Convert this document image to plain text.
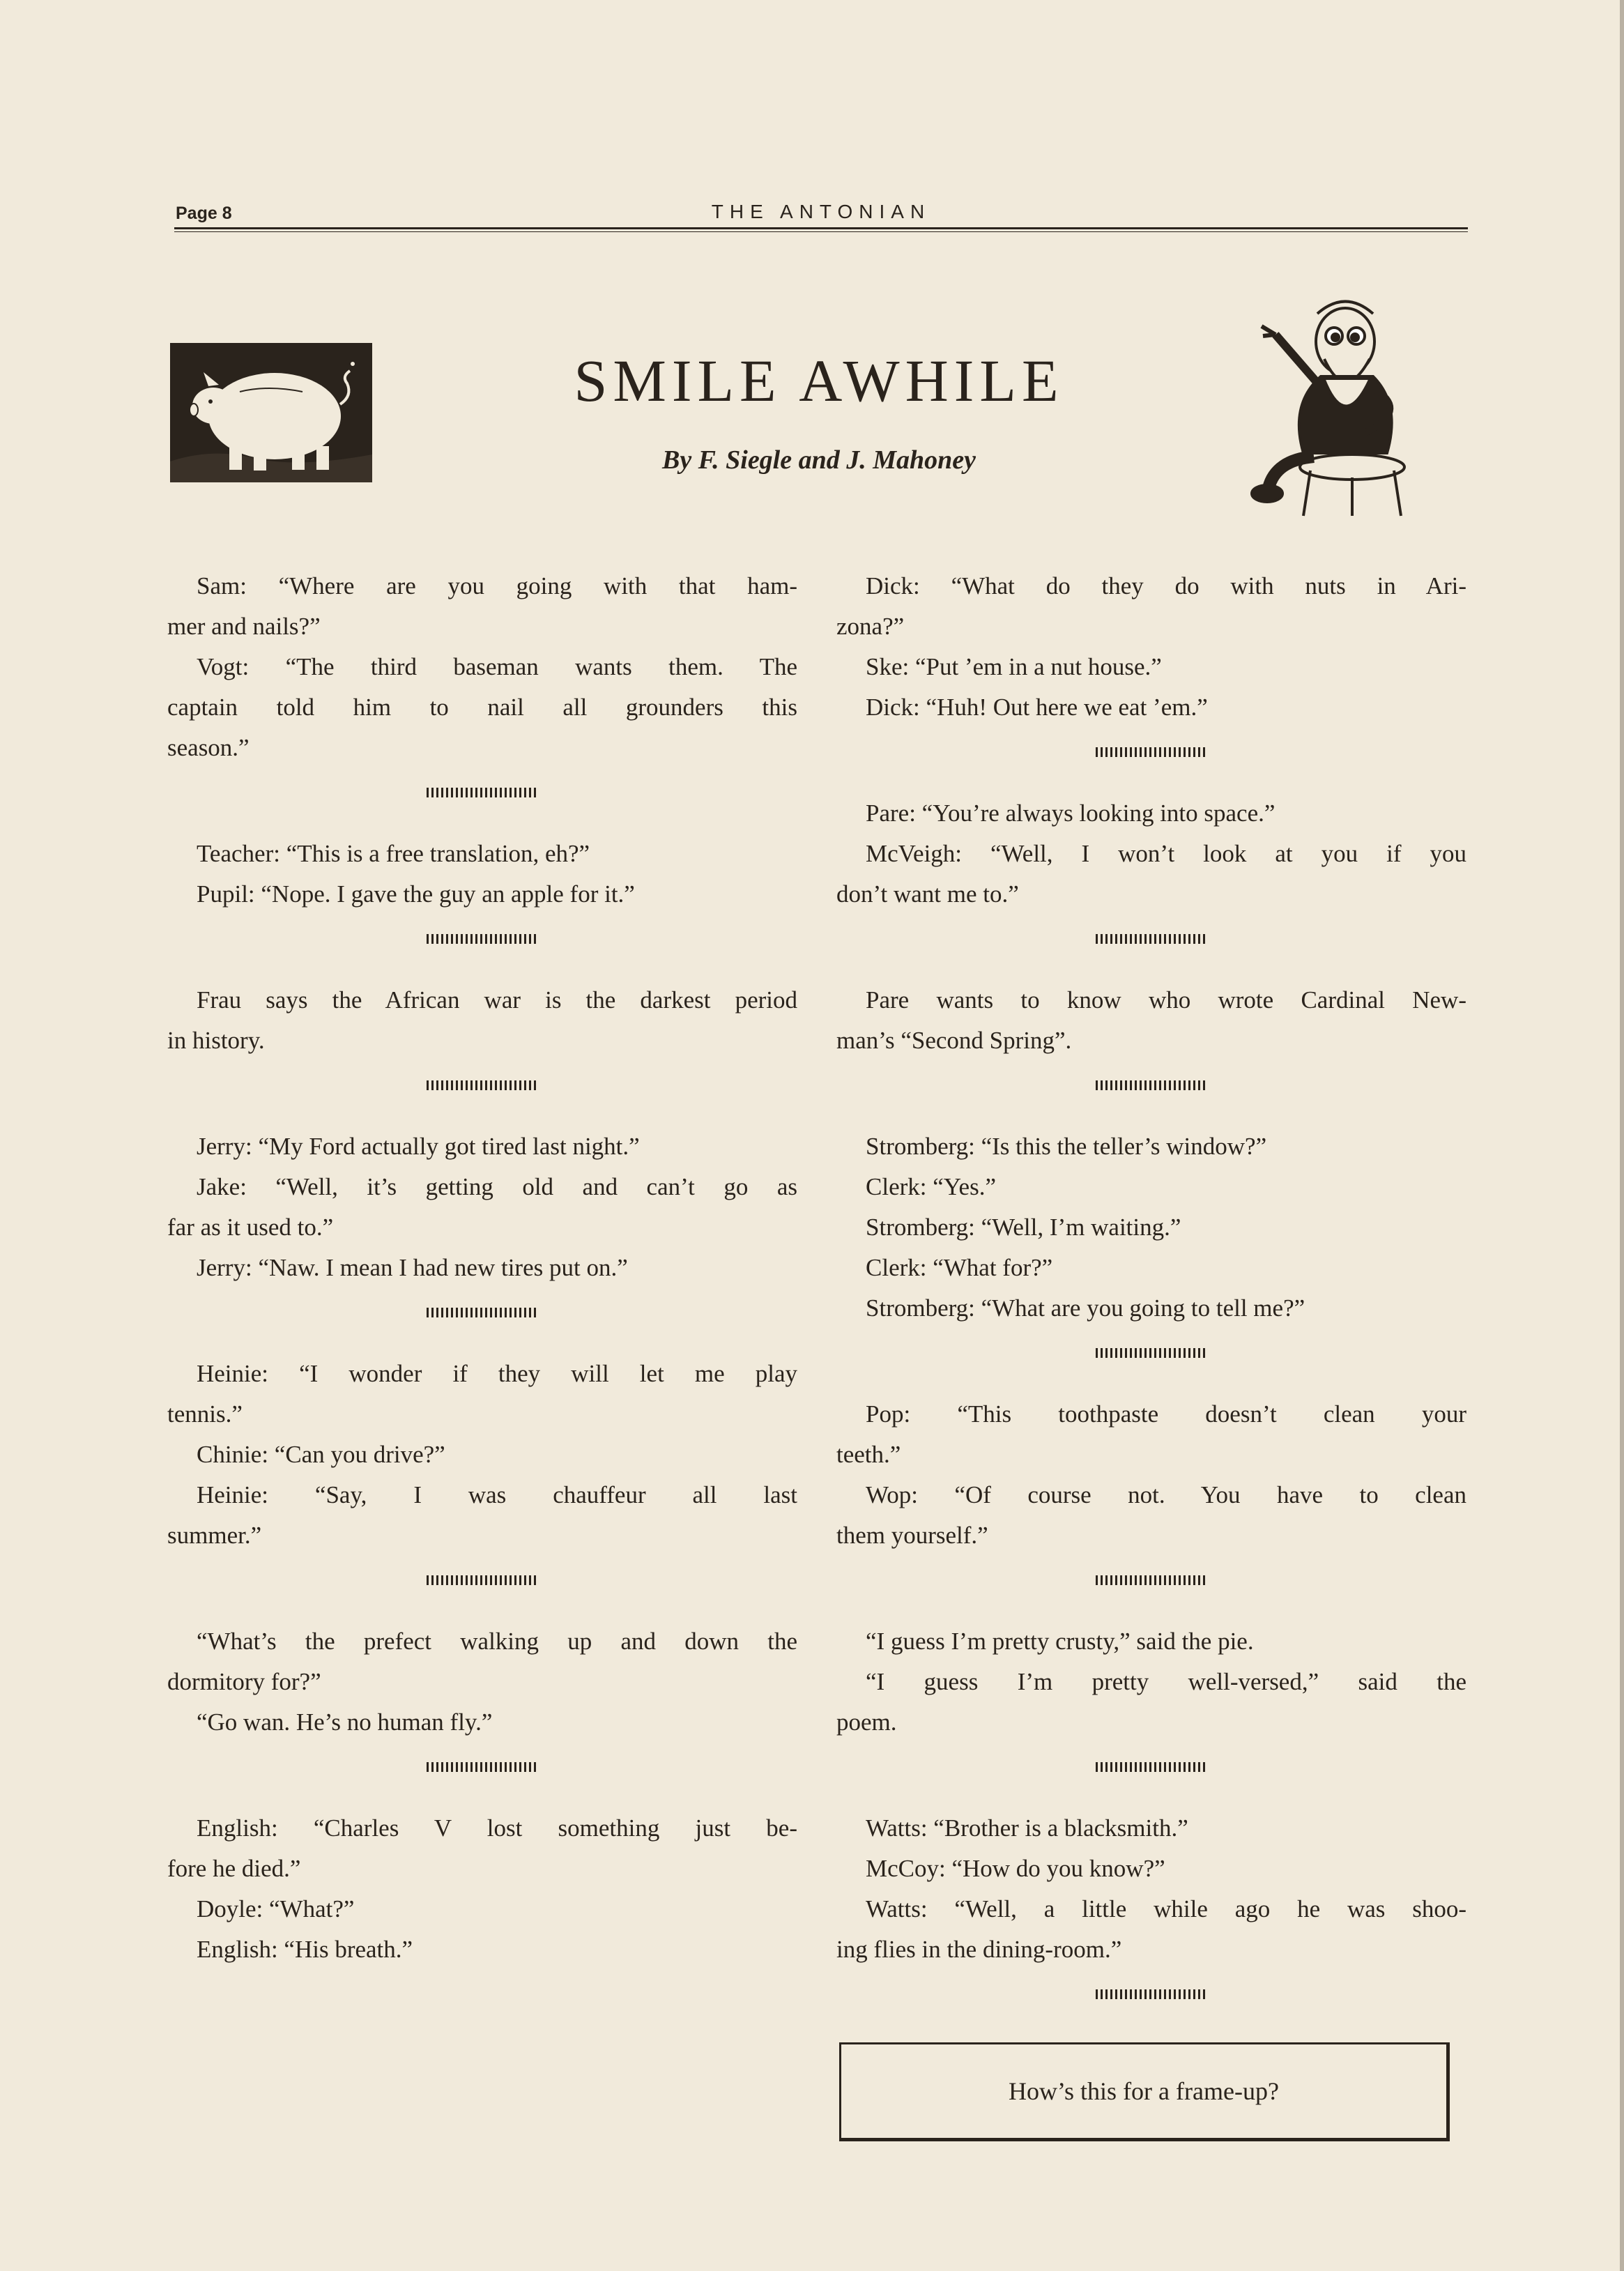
Page 8	THE ANTONIAN
SMILE AWHILE
By F. Siegle and J. Mahoney
Sam: “Where are you going with that ham-
mer and nails?”
Vogt: “The third baseman wants them. The
captain told him to nail all grounders this
season.”
Teacher: “This is a free translation, eh?”
Pupil: “Nope. I gave the guy an apple for it.”
Frau says the African war is the darkest period
in history.
Jerry: “My Ford actually got tired last night.”
Jake: “Well, it’s getting old and can’t go as
far as it used to.”
Jerry: “Naw. I mean I had new tires put on.”
Heinie: “I wonder if they will let me play
tennis.”
Chinie: “Can you drive?”
Heinie: “Say, I was chauffeur all last
summer.”
“What’s the prefect walking up and down the
dormitory for?”
“Go wan. He’s no human fly.”
English: “Charles V lost something just be-
fore he died.”
Doyle: “What?”
English: “His breath.”
Dick: “What do they do with nuts in Ari-
zona?”
Ske: “Put ’em in a nut house.”
Dick: “Huh! Out here we eat ’em.”
Pare: “You’re always looking into space.”
McVeigh: “Well, I won’t look at you if you
don’t want me to.”
Pare wants to know who wrote Cardinal New-
man’s “Second Spring”.
Stromberg: “Is this the teller’s window?”
Clerk: “Yes.”
Stromberg: “Well, I’m waiting.”
Clerk: “What for?”
Stromberg: “What are you going to tell me?”
Pop: “This toothpaste doesn’t clean your
teeth.”
Wop: “Of course not. You have to clean
them yourself.”
“I guess I’m pretty crusty,” said the pie.
“I guess I’m pretty well-versed,” said the
poem.
Watts: “Brother is a blacksmith.”
McCoy: “How do you know?”
Watts: “Well, a little while ago he was shoo-
ing flies in the dining-room.”
How’s this for a frame-up?
